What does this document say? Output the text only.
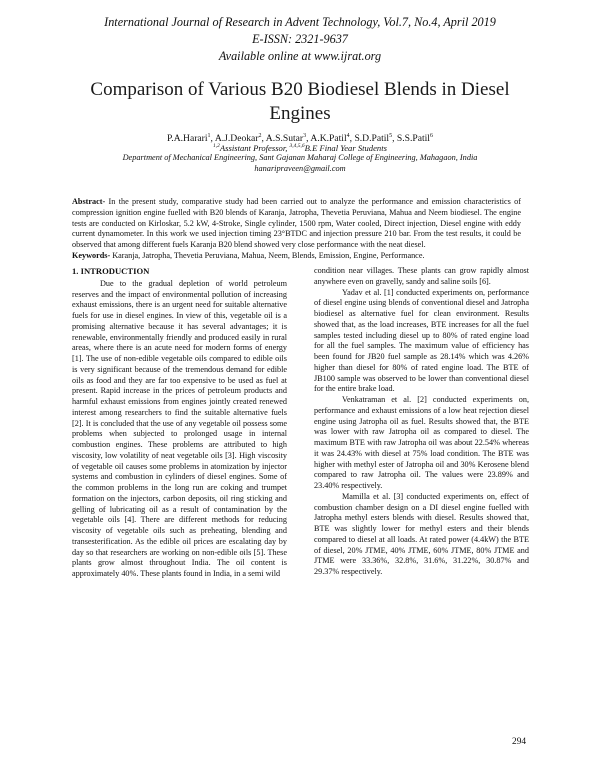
International Journal of Research in Advent Technology, Vol.7, No.4, April 2019
E-ISSN: 2321-9637
Available online at www.ijrat.org
Comparison of Various B20 Biodiesel Blends in Diesel
Engines
P.A.Harari$^1$, A.J.Deokar$^2$, A.S.Sutar$^3$, A.K.Patil$^4$, S.D.Patil$^5$, S.S.Patil$^6$
$^{1,2}$Assistant Professor, $^{3,4,5,6}$B.E Final Year Students
Department of Mechanical Engineering, Sant Gajanan Maharaj College of Engineering, Mahagaon, India
hanaripraveen@gmail.com
Abstract- In the present study, comparative study had been carried out to analyze the performance and emission characteristics of compression ignition engine fuelled with B20 blends of Karanja, Jatropha, Thevetia Peruviana, Mahua and Neem biodiesel. The engine tests are conducted on Kirloskar, 5.2 kW, 4-Stroke, Single cylinder, 1500 rpm, Water cooled, Direct injection, Diesel engine with eddy current dynamometer. In this work we used injection timing 23°BTDC and injection pressure 210 bar. From the test results, it could be observed that among different fuels Karanja B20 blend showed very close performance with the neat diesel.
Keywords- Karanja, Jatropha, Thevetia Peruviana, Mahua, Neem, Blends, Emission, Engine, Performance.
1. INTRODUCTION

Due to the gradual depletion of world petroleum reserves and the impact of environmental pollution of increasing exhaust emissions, there is an urgent need for suitable alternative fuels for use in diesel engines. In view of this, vegetable oil is a promising alternative because it has several advantages; it is renewable, environmentally friendly and produced easily in rural areas, where there is an acute need for modern forms of energy [1]. The use of non-edible vegetable oils compared to edible oils is very significant because of the tremendous demand for edible oils as food and they are far too expensive to be used as fuel at present. Rapid increase in the prices of petroleum products and harmful exhaust emissions from engines jointly created renewed interest among researchers to find the suitable alternative fuels [2]. It is concluded that the use of any vegetable oil possess some problems when subjected to prolonged usage in internal combustion engines. These problems are attributed to high viscosity, low volatility of neat vegetable oils [3]. High viscosity of vegetable oil causes some problems in atomization by injector systems and combustion in cylinders of diesel engines. Some of the common problems in the long run are coking and trumpet formation on the injectors, carbon deposits, oil ring sticking and gelling of lubricating oil as a result of contamination by the vegetable oils [4]. There are different methods for reducing viscosity of vegetable oils such as preheating, blending and transesterification. As the edible oil prices are escalating day by day so that researchers are working on non-edible oils [5]. These plants grow almost throughout India. The oil content is approximately 40%. These plants found in India, in a semi wild

condition near villages. These plants can grow rapidly almost anywhere even on gravelly, sandy and saline soils [6].

Yadav et al. [1] conducted experiments on, performance of diesel engine using blends of conventional diesel and Jatropha biodiesel as alternative fuel for clean environment. Results showed that, as the load increases, BTE increases for all the fuel samples tested including diesel up to 80% of rated engine load for all the fuel samples. The maximum value of efficiency has been found for JB20 fuel sample as 28.14% which was 4.26% higher than diesel for 80% of rated engine load. The BTE of JB100 sample was observed to be lower than conventional diesel for the entire brake load.

Venkatraman et al. [2] conducted experiments on, performance and exhaust emissions of a low heat rejection diesel engine using Jatropha oil as fuel. Results showed that, the BTE was lower with raw Jatropha oil as compared to diesel. The maximum BTE with raw Jatropha oil was about 22.54% whereas it was 24.43% with diesel at 75% load condition. The BTE was higher with methyl ester of Jatropha oil and 30% Kerosene blend compared to raw Jatropha oil. The values were 23.89% and 23.40% respectively.

Mamilla et al. [3] conducted experiments on, effect of combustion chamber design on a DI diesel engine fuelled with Jatropha methyl esters blends with diesel. Results showed that, BTE was slightly lower for methyl esters and their blends compared to diesel at all loads. At rated power (4.4kW) the BTE of diesel, 20% JTME, 40% JTME, 60% JTME, 80% JTME and JTME were 33.36%, 32.8%, 31.6%, 31.22%, 30.87% and 29.37% respectively.

294
